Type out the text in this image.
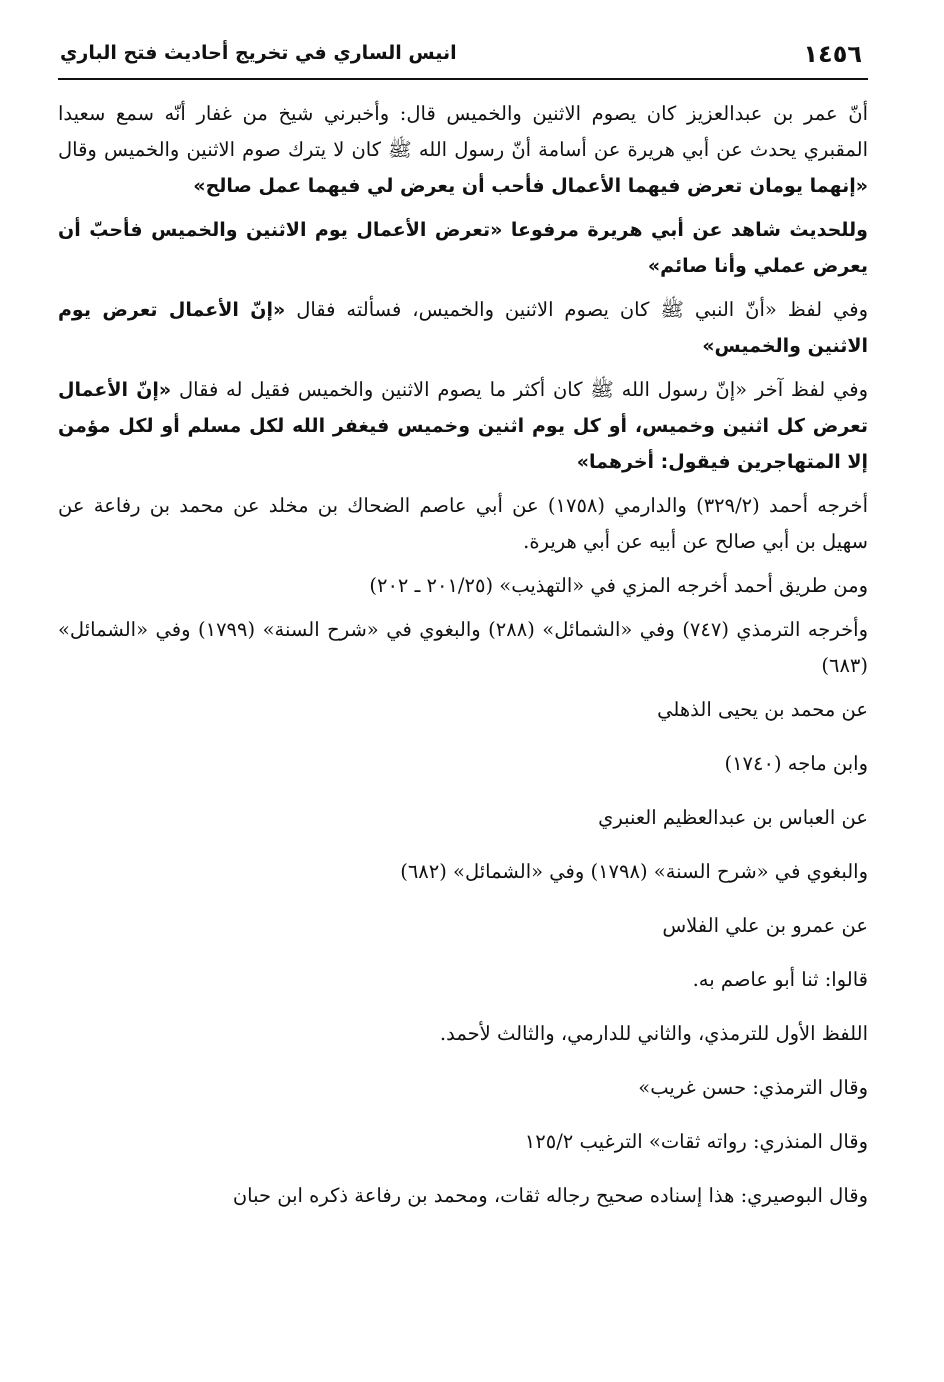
١٤٥٦
انيس الساري في تخريج أحاديث فتح الباري

أنّ عمر بن عبدالعزيز كان يصوم الاثنين والخميس قال: وأخبرني شيخ من غفار أنّه سمع سعيدا المقبري يحدث عن أبي هريرة عن أسامة أنّ رسول الله ﷺ كان لا يترك صوم الاثنين والخميس وقال «إنهما يومان تعرض فيهما الأعمال فأحب أن يعرض لي فيهما عمل صالح»

وللحديث شاهد عن أبي هريرة مرفوعا «تعرض الأعمال يوم الاثنين والخميس فأحبّ أن يعرض عملي وأنا صائم»

وفي لفظ «أنّ النبي ﷺ كان يصوم الاثنين والخميس، فسألته فقال «إنّ الأعمال تعرض يوم الاثنين والخميس»

وفي لفظ آخر «إنّ رسول الله ﷺ كان أكثر ما يصوم الاثنين والخميس فقيل له فقال «إنّ الأعمال تعرض كل اثنين وخميس، أو كل يوم اثنين وخميس فيغفر الله لكل مسلم أو لكل مؤمن إلا المتهاجرين فيقول: أخرهما»

أخرجه أحمد (٣٢٩/٢) والدارمي (١٧٥٨) عن أبي عاصم الضحاك بن مخلد عن محمد بن رفاعة عن سهيل بن أبي صالح عن أبيه عن أبي هريرة.

ومن طريق أحمد أخرجه المزي في «التهذيب» (٢٠١/٢٥ ـ ٢٠٢)

وأخرجه الترمذي (٧٤٧) وفي «الشمائل» (٢٨٨) والبغوي في «شرح السنة» (١٧٩٩) وفي «الشمائل» (٦٨٣)

عن محمد بن يحيى الذهلي

وابن ماجه (١٧٤٠)

عن العباس بن عبدالعظيم العنبري

والبغوي في «شرح السنة» (١٧٩٨) وفي «الشمائل» (٦٨٢)

عن عمرو بن علي الفلاس

قالوا: ثنا أبو عاصم به.

اللفظ الأول للترمذي، والثاني للدارمي، والثالث لأحمد.

وقال الترمذي: حسن غريب»

وقال المنذري: رواته ثقات» الترغيب ١٢٥/٢

وقال البوصيري: هذا إسناده صحيح رجاله ثقات، ومحمد بن رفاعة ذكره ابن حبان
